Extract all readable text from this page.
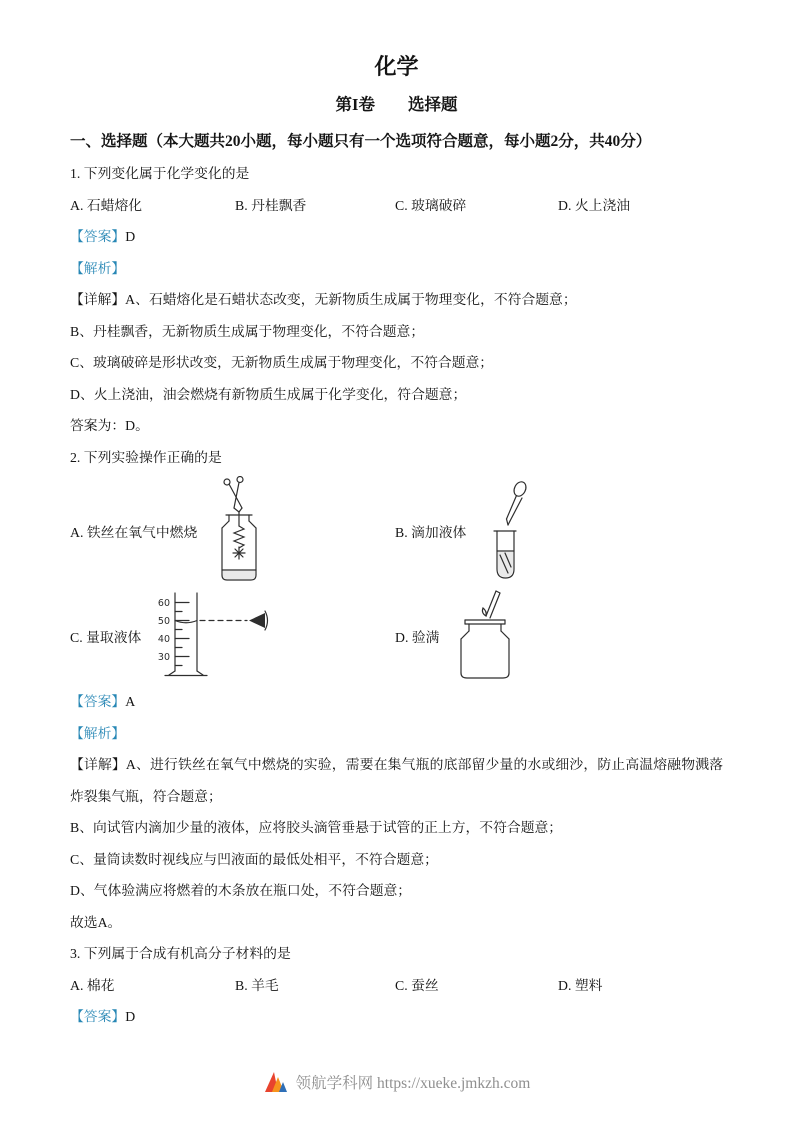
化学
第I卷　　选择题
一、选择题（本大题共20小题，每小题只有一个选项符合题意，每小题2分，共40分）

1. 下列变化属于化学变化的是

A. 石蜡熔化	B. 丹桂飘香	C. 玻璃破碎	D. 火上浇油

【答案】D

【解析】

【详解】A、石蜡熔化是石蜡状态改变，无新物质生成属于物理变化，不符合题意；

B、丹桂飘香，无新物质生成属于物理变化，不符合题意；

C、玻璃破碎是形状改变，无新物质生成属于物理变化，不符合题意；

D、火上浇油，油会燃烧有新物质生成属于化学变化，符合题意；

答案为：D。

2. 下列实验操作正确的是

A. 铁丝在氧气中燃烧	B. 滴加液体
C. 量取液体
60
50
40
30
D. 验满

【答案】A

【解析】

【详解】A、进行铁丝在氧气中燃烧的实验，需要在集气瓶的底部留少量的水或细沙，防止高温熔融物溅落炸裂集气瓶，符合题意；

B、向试管内滴加少量的液体，应将胶头滴管垂悬于试管的正上方，不符合题意；

C、量筒读数时视线应与凹液面的最低处相平，不符合题意；

D、气体验满应将燃着的木条放在瓶口处，不符合题意；

故选A。

3. 下列属于合成有机高分子材料的是

A. 棉花	B. 羊毛	C. 蚕丝	D. 塑料

【答案】D

领航学科网 https://xueke.jmkzh.com
